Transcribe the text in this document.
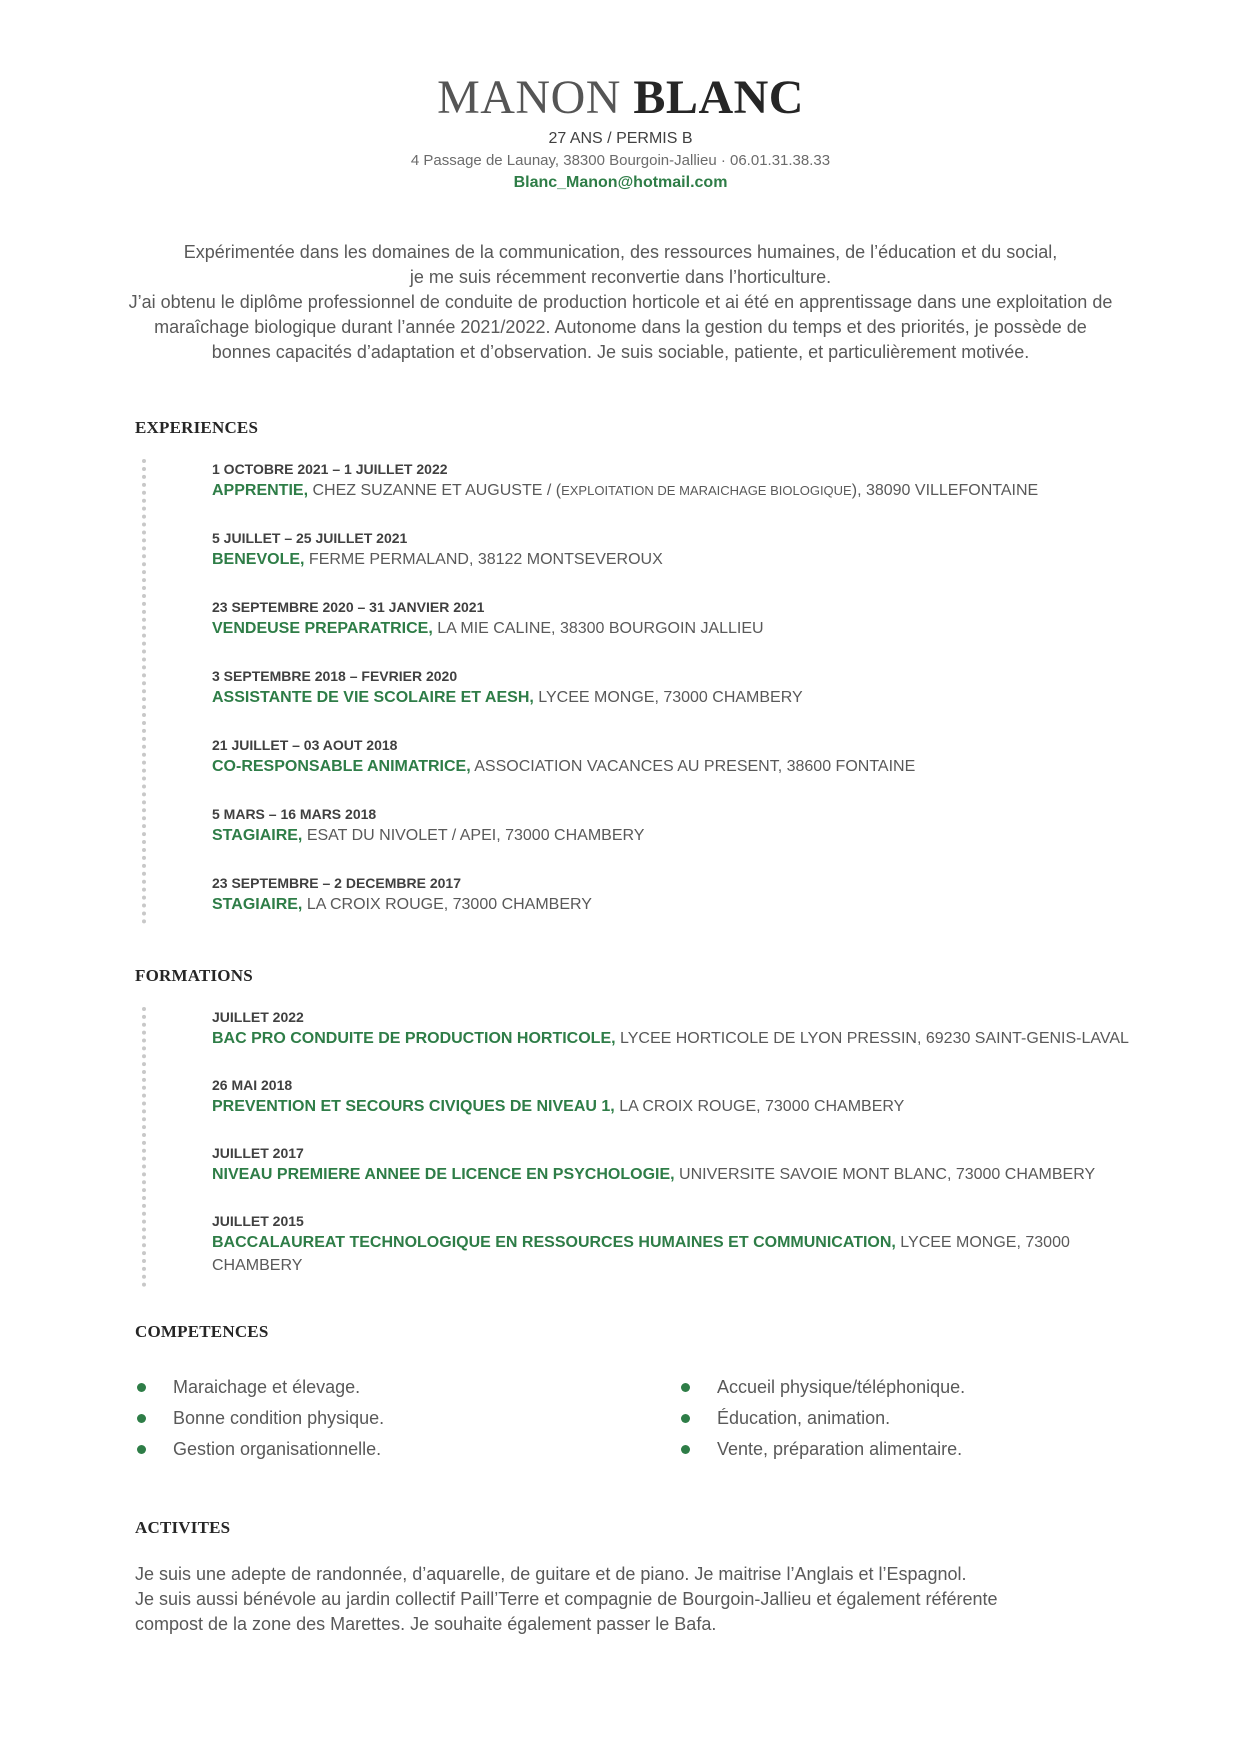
MANON BLANC
27 ANS / PERMIS B
4 Passage de Launay, 38300 Bourgoin-Jallieu · 06.01.31.38.33
Blanc_Manon@hotmail.com

Expérimentée dans les domaines de la communication, des ressources humaines, de l’éducation et du social,

je me suis récemment reconvertie dans l’horticulture.

J’ai obtenu le diplôme professionnel de conduite de production horticole et ai été en apprentissage dans une exploitation de

maraîchage biologique durant l’année 2021/2022. Autonome dans la gestion du temps et des priorités, je possède de

bonnes capacités d’adaptation et d’observation. Je suis sociable, patiente, et particulièrement motivée.

EXPERIENCES
1 OCTOBRE 2021 – 1 JUILLET 2022
APPRENTIE, CHEZ SUZANNE ET AUGUSTE / (EXPLOITATION DE MARAICHAGE BIOLOGIQUE), 38090 VILLEFONTAINE
5 JUILLET – 25 JUILLET 2021
BENEVOLE, FERME PERMALAND, 38122 MONTSEVEROUX
23 SEPTEMBRE 2020 – 31 JANVIER 2021
VENDEUSE PREPARATRICE, LA MIE CALINE, 38300 BOURGOIN JALLIEU
3 SEPTEMBRE 2018 – FEVRIER 2020
ASSISTANTE DE VIE SCOLAIRE ET AESH, LYCEE MONGE, 73000 CHAMBERY
21 JUILLET – 03 AOUT 2018
CO-RESPONSABLE ANIMATRICE, ASSOCIATION VACANCES AU PRESENT, 38600 FONTAINE
5 MARS – 16 MARS 2018
STAGIAIRE, ESAT DU NIVOLET / APEI, 73000 CHAMBERY
23 SEPTEMBRE – 2 DECEMBRE 2017
STAGIAIRE, LA CROIX ROUGE, 73000 CHAMBERY
FORMATIONS
JUILLET 2022
BAC PRO CONDUITE DE PRODUCTION HORTICOLE, LYCEE HORTICOLE DE LYON PRESSIN, 69230 SAINT-GENIS-LAVAL
26 MAI 2018
PREVENTION ET SECOURS CIVIQUES DE NIVEAU 1, LA CROIX ROUGE, 73000 CHAMBERY
JUILLET 2017
NIVEAU PREMIERE ANNEE DE LICENCE EN PSYCHOLOGIE, UNIVERSITE SAVOIE MONT BLANC, 73000 CHAMBERY
JUILLET 2015
BACCALAUREAT TECHNOLOGIQUE EN RESSOURCES HUMAINES ET COMMUNICATION, LYCEE MONGE, 73000 CHAMBERY
COMPETENCES
Maraichage et élevage.
Bonne condition physique.
Gestion organisationnelle.
Accueil physique/téléphonique.
Éducation, animation.
Vente, préparation alimentaire.
ACTIVITES

Je suis une adepte de randonnée, d’aquarelle, de guitare et de piano. Je maitrise l’Anglais et l’Espagnol.

Je suis aussi bénévole au jardin collectif Paill’Terre et compagnie de Bourgoin-Jallieu et également référente

compost de la zone des Marettes. Je souhaite également passer le Bafa.
